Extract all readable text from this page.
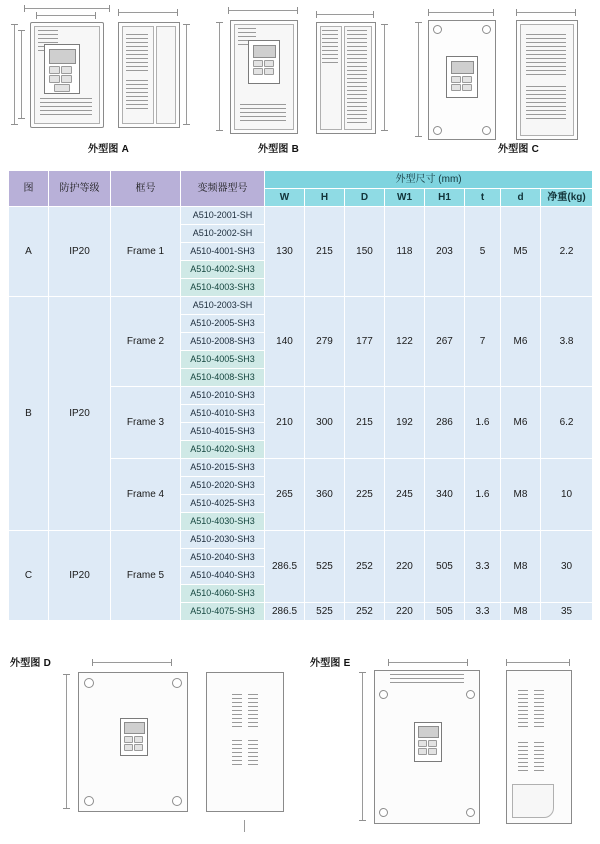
外型图 A	外型图 B	外型图 C
图	防护等级	框号	变频器型号	外型尺寸 (mm)							
				W	H	D	W1	H1	t	d	净重(kg)
A	IP20	Frame 1	A510-2001-SH	130	215	150	118	203	5	M5	2.2
			A510-2002-SH								
			A510-4001-SH3								
			A510-4002-SH3								
			A510-4003-SH3								
B	IP20	Frame 2	A510-2003-SH	140	279	177	122	267	7	M6	3.8
			A510-2005-SH3								
			A510-2008-SH3								
			A510-4005-SH3								
			A510-4008-SH3								
		Frame 3	A510-2010-SH3	210	300	215	192	286	1.6	M6	6.2
			A510-4010-SH3								
			A510-4015-SH3								
			A510-4020-SH3								
		Frame 4	A510-2015-SH3	265	360	225	245	340	1.6	M8	10
			A510-2020-SH3								
			A510-4025-SH3								
			A510-4030-SH3								
C	IP20	Frame 5	A510-2030-SH3	286.5	525	252	220	505	3.3	M8	30
			A510-2040-SH3								
			A510-4040-SH3								
			A510-4060-SH3								
			A510-4075-SH3	286.5	525	252	220	505	3.3	M8	35
外型图 D	外型图 E
